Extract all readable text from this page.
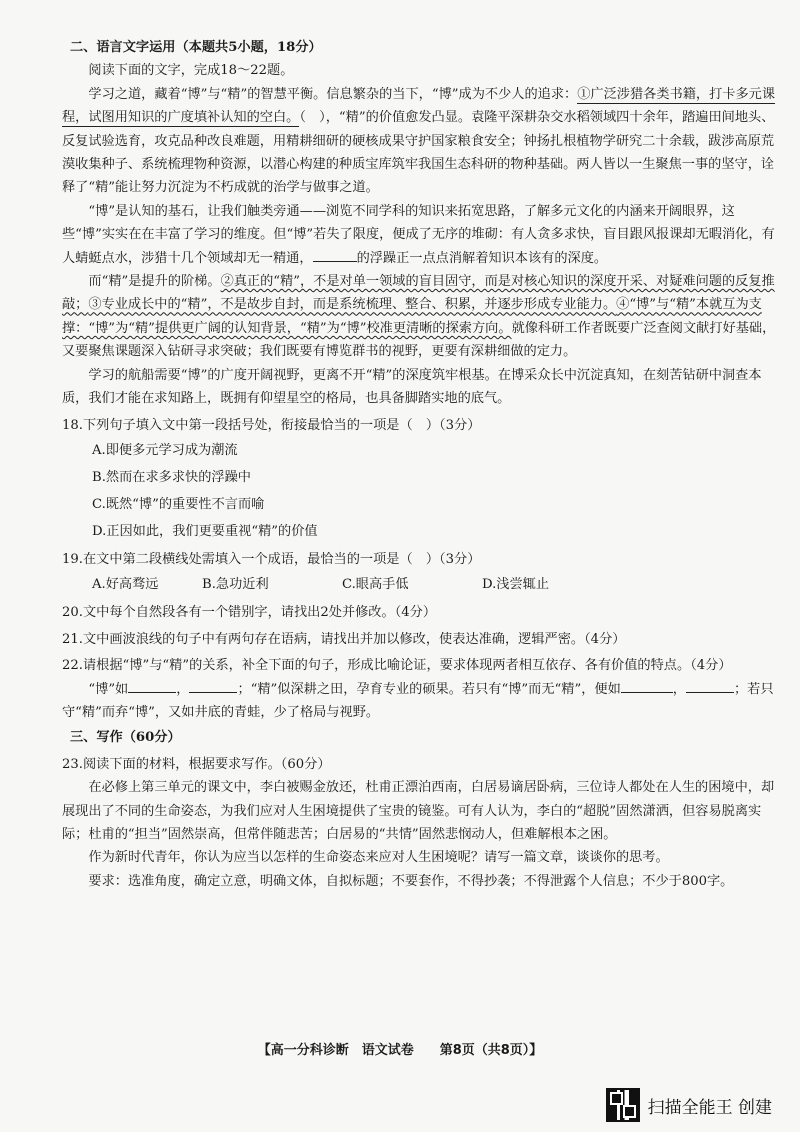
二、语言文字运用（本题共5小题，18分）

阅读下面的文字，完成18～22题。

学习之道，藏着“博”与“精”的智慧平衡。信息繁杂的当下，“博”成为不少人的追求：①广泛涉猎各类书籍，打卡多元课程，试图用知识的广度填补认知的空白。（　），“精”的价值愈发凸显。袁隆平深耕杂交水稻领域四十余年，踏遍田间地头、反复试验选育，攻克品种改良难题，用精耕细研的硬核成果守护国家粮食安全；钟扬扎根植物学研究二十余载，跋涉高原荒漠收集种子、系统梳理物种资源，以潜心构建的种质宝库筑牢我国生态科研的物种基础。两人皆以一生聚焦一事的坚守，诠释了“精”能让努力沉淀为不朽成就的治学与做事之道。

“博”是认知的基石，让我们触类旁通——浏览不同学科的知识来拓宽思路，了解多元文化的内涵来开阔眼界，这些“博”实实在在丰富了学习的维度。但“博”若失了限度，便成了无序的堆砌：有人贪多求快，盲目跟风报课却无暇消化，有人蜻蜓点水，涉猎十几个领域却无一精通，	的浮躁正一点点消解着知识本该有的深度。

而“精”是提升的阶梯。②真正的“精”，不是对单一领域的盲目固守，而是对核心知识的深度开采、对疑难问题的反复推敲；③专业成长中的“精”，不是故步自封，而是系统梳理、整合、积累，并逐步形成专业能力。④“博”与“精”本就互为支撑：“博”为“精”提供更广阔的认知背景，“精”为“博”校准更清晰的探索方向。就像科研工作者既要广泛查阅文献打好基础，又要聚焦课题深入钻研寻求突破；我们既要有博览群书的视野，更要有深耕细做的定力。

学习的航船需要“博”的广度开阔视野，更离不开“精”的深度筑牢根基。在博采众长中沉淀真知，在刻苦钻研中洞查本质，我们才能在求知路上，既拥有仰望星空的格局，也具备脚踏实地的底气。

18.下列句子填入文中第一段括号处，衔接最恰当的一项是（　）（3分）

A.即便多元学习成为潮流

B.然而在求多求快的浮躁中

C.既然“博”的重要性不言而喻

D.正因如此，我们更要重视“精”的价值

19.在文中第二段横线处需填入一个成语，最恰当的一项是（　）（3分）

A.好高骛远	B.急功近利	C.眼高手低	D.浅尝辄止

20.文中每个自然段各有一个错别字，请找出2处并修改。（4分）

21.文中画波浪线的句子中有两句存在语病，请找出并加以修改，使表达准确，逻辑严密。（4分）

22.请根据“博”与“精”的关系，补全下面的句子，形成比喻论证，要求体现两者相互依存、各有价值的特点。（4分）

“博”如	，	；“精”似深耕之田，孕育专业的硕果。若只有“博”而无“精”，便如	，	；若只守“精”而弃“博”，又如井底的青蛙，少了格局与视野。

三、写作（60分）

23.阅读下面的材料，根据要求写作。（60分）

在必修上第三单元的课文中，李白被赐金放还，杜甫正漂泊西南，白居易谪居卧病，三位诗人都处在人生的困境中，却展现出了不同的生命姿态，为我们应对人生困境提供了宝贵的镜鉴。可有人认为，李白的“超脱”固然潇洒，但容易脱离实际；杜甫的“担当”固然崇高，但常伴随悲苦；白居易的“共情”固然悲悯动人，但难解根本之困。

作为新时代青年，你认为应当以怎样的生命姿态来应对人生困境呢？请写一篇文章，谈谈你的思考。

要求：选准角度，确定立意，明确文体，自拟标题；不要套作，不得抄袭；不得泄露个人信息；不少于800字。

【高一分科诊断　语文试卷　　第8页（共8页）】
扫描全能王 创建
